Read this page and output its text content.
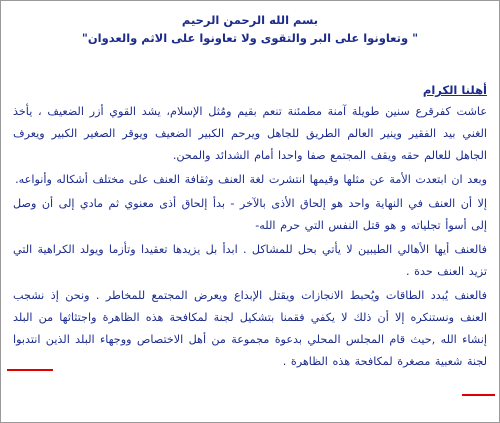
بسم الله الرحمن الرحيم

" وتعاونوا على البر والتقوى ولا تعاونوا على الاثم والعدوان"

أهلنا الكرام

عاشت كفرقرع سنين طويلة آمنة مطمئنة تنعم بقيم ومُثل الإسلام، يشد القوي أزر الضعيف ، يأخذ الغني بيد الفقير وينير العالم الطريق للجاهل ويرحم الكبير الضعيف ويوقر الصغير الكبير ويعرف الجاهل للعالم حقه ويقف المجتمع صفا واحدا أمام الشدائد والمحن.

وبعد ان ابتعدت الأمة عن مثلها وقيمها انتشرت لغة العنف وثقافة العنف على مختلف أشكاله وأنواعه.

إلا أن العنف في النهاية واحد هو إلحاق الأذى بالآخر - بدأ إلحاق أذى معنوي ثم مادي إلى أن وصل إلى أسوأ تجلياته و هو قتل النفس التي حرم الله-

فالعنف أيها الأهالي الطيبين لا يأتي بحل للمشاكل . ابدأ بل يزيدها تعقيدا وتأزما ويولد الكراهية التي تزيد العنف حدة .

فالعنف يُبدد الطاقات ويُحبط الانجازات ويقتل الإبداع ويعرض المجتمع للمخاطر . ونحن إذ نشجب العنف ونستنكره إلا أن ذلك لا يكفي فقمنا بتشكيل لجنة لمكافحة هذه الظاهرة واجتثاثها من البلد إنشاء الله ,حيث قام المجلس المحلي بدعوة مجموعة من أهل الاختصاص ووجهاء البلد الذين انتدبوا لجنة شعبية مصغرة لمكافحة هذه الظاهرة .
